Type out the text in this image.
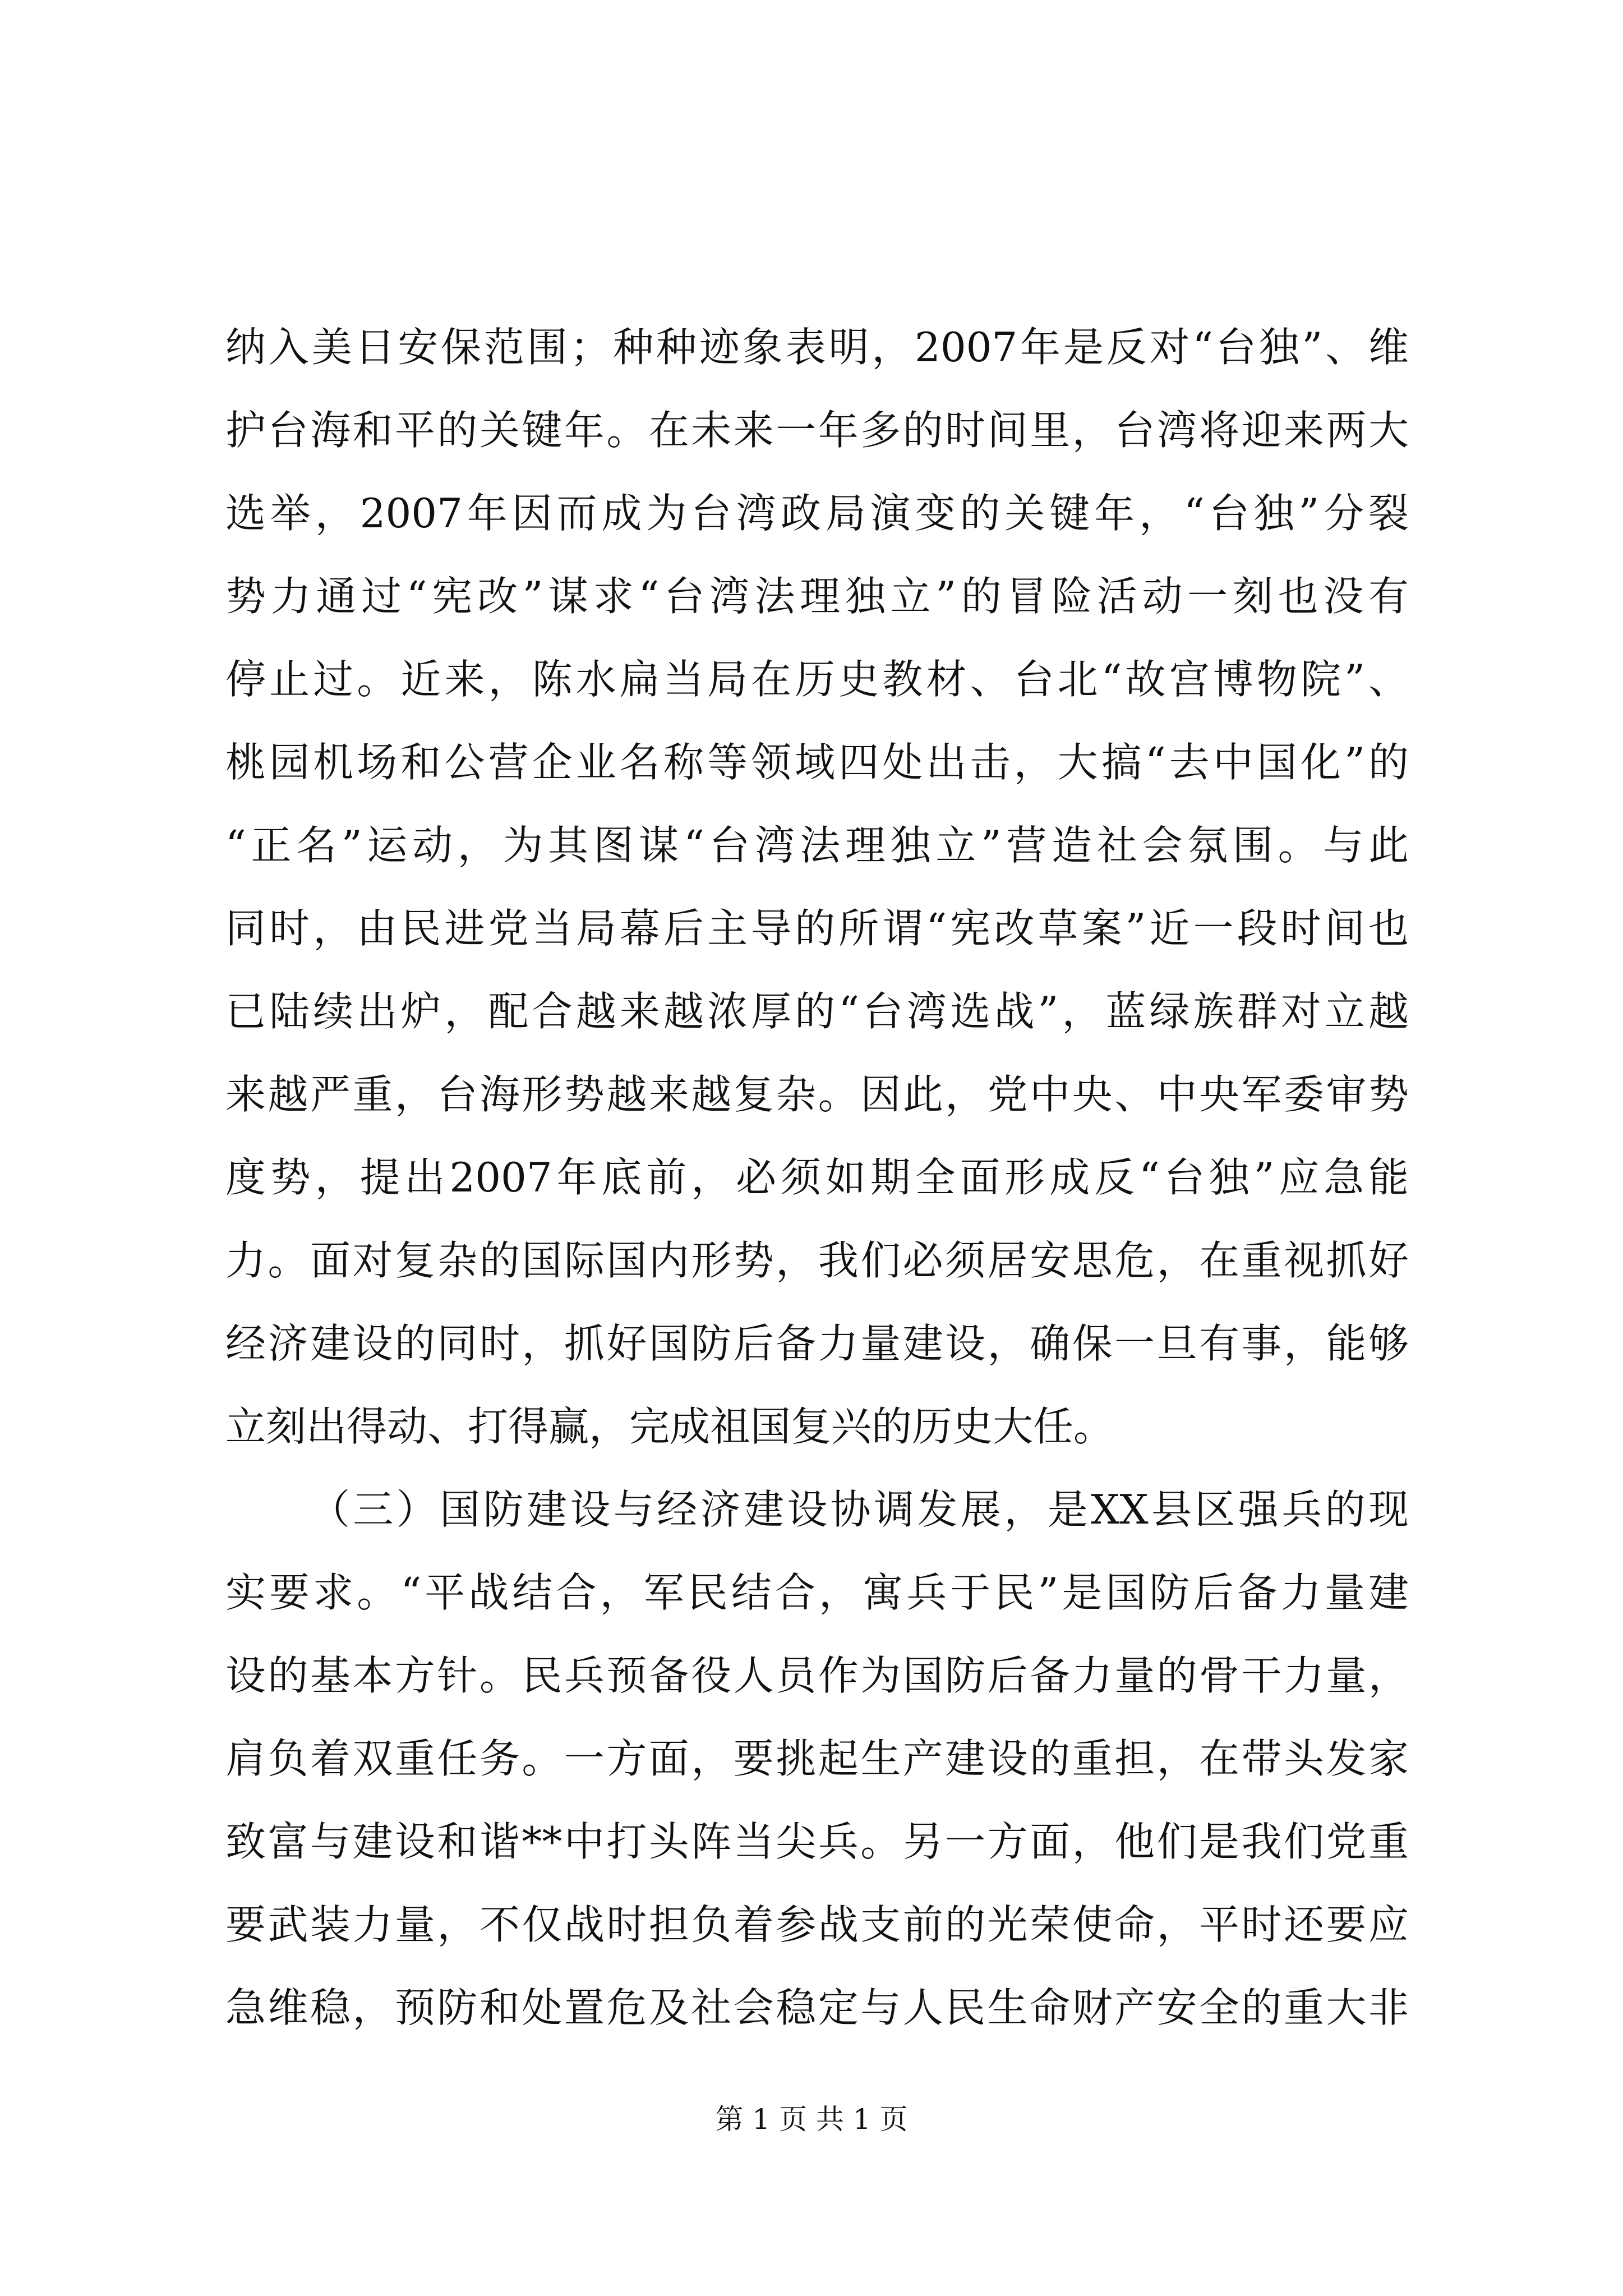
纳入美日安保范围；种种迹象表明，2007年是反对“台独”、维
护台海和平的关键年。在未来一年多的时间里，台湾将迎来两大
选举，2007年因而成为台湾政局演变的关键年，“台独”分裂
势力通过“宪改”谋求“台湾法理独立”的冒险活动一刻也没有
停止过。近来，陈水扁当局在历史教材、台北“故宫博物院”、
桃园机场和公营企业名称等领域四处出击，大搞“去中国化”的
“正名”运动，为其图谋“台湾法理独立”营造社会氛围。与此
同时，由民进党当局幕后主导的所谓“宪改草案”近一段时间也
已陆续出炉，配合越来越浓厚的“台湾选战”，蓝绿族群对立越
来越严重，台海形势越来越复杂。因此，党中央、中央军委审势
度势，提出2007年底前，必须如期全面形成反“台独”应急能
力。面对复杂的国际国内形势，我们必须居安思危，在重视抓好
经济建设的同时，抓好国防后备力量建设，确保一旦有事，能够
立刻出得动、打得赢，完成祖国复兴的历史大任。
（三）国防建设与经济建设协调发展，是XX县区强兵的现
实要求。“平战结合，军民结合，寓兵于民”是国防后备力量建
设的基本方针。民兵预备役人员作为国防后备力量的骨干力量，
肩负着双重任务。一方面，要挑起生产建设的重担，在带头发家
致富与建设和谐**中打头阵当尖兵。另一方面，他们是我们党重
要武装力量，不仅战时担负着参战支前的光荣使命，平时还要应
急维稳，预防和处置危及社会稳定与人民生命财产安全的重大非
第 1 页 共 1 页
